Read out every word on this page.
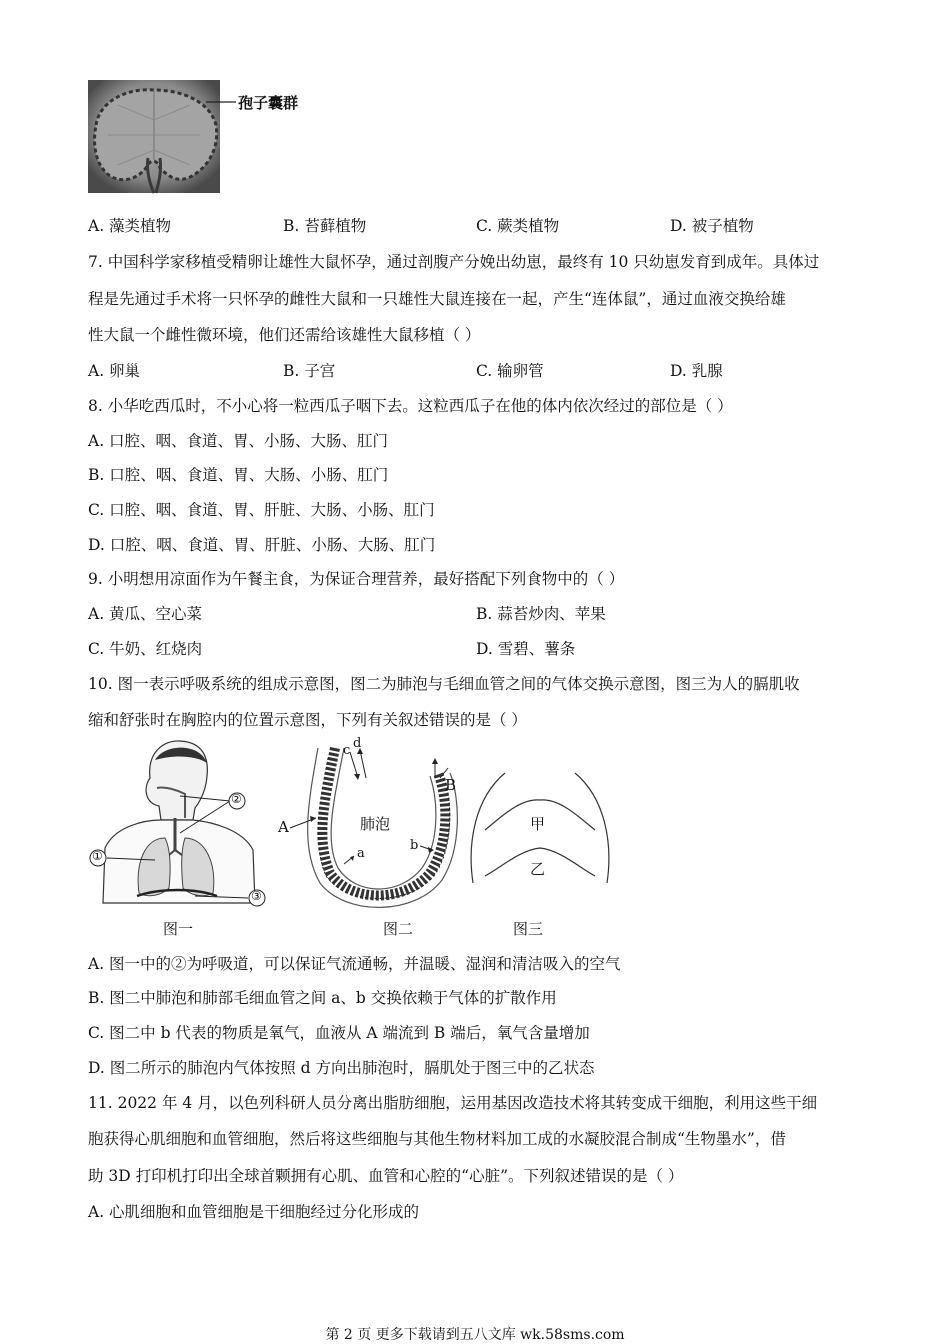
孢子囊群
A. 藻类植物	B. 苔藓植物	C. 蕨类植物	D. 被子植物
7. 中国科学家移植受精卵让雄性大鼠怀孕，通过剖腹产分娩出幼崽，最终有 10 只幼崽发育到成年。具体过
程是先通过手术将一只怀孕的雌性大鼠和一只雄性大鼠连接在一起，产生“连体鼠”，通过血液交换给雄
性大鼠一个雌性微环境，他们还需给该雄性大鼠移植（ ）
A. 卵巢	B. 子宫	C. 输卵管	D. 乳腺
8. 小华吃西瓜时，不小心将一粒西瓜子咽下去。这粒西瓜子在他的体内依次经过的部位是（ ）
A. 口腔、咽、食道、胃、小肠、大肠、肛门
B. 口腔、咽、食道、胃、大肠、小肠、肛门
C. 口腔、咽、食道、胃、肝脏、大肠、小肠、肛门
D. 口腔、咽、食道、胃、肝脏、小肠、大肠、肛门
9. 小明想用凉面作为午餐主食，为保证合理营养，最好搭配下列食物中的（ ）
A. 黄瓜、空心菜	B. 蒜苔炒肉、苹果
C. 牛奶、红烧肉	D. 雪碧、薯条
10. 图一表示呼吸系统的组成示意图，图二为肺泡与毛细血管之间的气体交换示意图，图三为人的膈肌收
缩和舒张时在胸腔内的位置示意图，下列有关叙述错误的是（ ）
②
①
③
图一
肺泡
A
B
a
b
c d
图二
甲
乙
图三
A. 图一中的②为呼吸道，可以保证气流通畅，并温暖、湿润和清洁吸入的空气
B. 图二中肺泡和肺部毛细血管之间 a、b 交换依赖于气体的扩散作用
C. 图二中 b 代表的物质是氧气，血液从 A 端流到 B 端后，氧气含量增加
D. 图二所示的肺泡内气体按照 d 方向出肺泡时，膈肌处于图三中的乙状态
11. 2022 年 4 月，以色列科研人员分离出脂肪细胞，运用基因改造技术将其转变成干细胞，利用这些干细
胞获得心肌细胞和血管细胞，然后将这些细胞与其他生物材料加工成的水凝胶混合制成“生物墨水”，借
助 3D 打印机打印出全球首颗拥有心肌、血管和心腔的“心脏”。下列叙述错误的是（ ）
A. 心肌细胞和血管细胞是干细胞经过分化形成的
第 2 页 更多下载请到五八文库 wk.58sms.com
